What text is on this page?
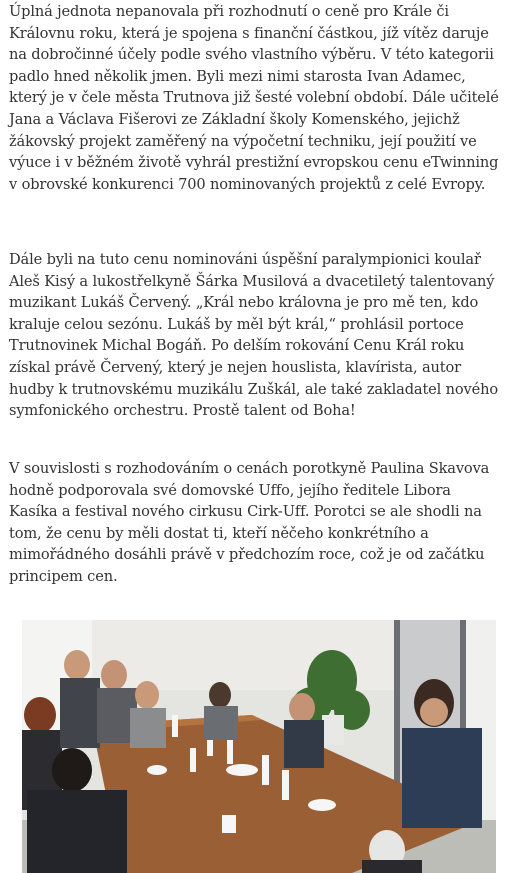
Úplná jednota nepanovala při rozhodnutí o ceně pro Krále či Královnu roku, která je spojena s finanční částkou, jíž vítěz daruje na dobročinné účely podle svého vlastního výběru. V této kategorii padlo hned několik jmen. Byli mezi nimi starosta Ivan Adamec, který je v čele města Trutnova již šesté volební období. Dále učitelé Jana a Václava Fišerovi ze Základní školy Komenského, jejichž žákovský projekt zaměřený na výpočetní techniku, její použití ve výuce i v běžném životě vyhrál prestižní evropskou cenu eTwinning v obrovské konkurenci 700 nominovaných projektů z celé Evropy.

Dále byli na tuto cenu nominováni úspěšní paralympionici koulař Aleš Kisý a lukostřelkyně Šárka Musilová a dvacetiletý talentovaný muzikant Lukáš Červený. „Král nebo královna je pro mě ten, kdo kraluje celou sezónu. Lukáš by měl být král,“ prohlásil portoce Trutnovinek Michal Bogáň. Po delším rokování Cenu Král roku získal právě Červený, který je nejen houslista, klavírista, autor hudby k trutnovskému muzikálu Zuškál, ale také zakladatel nového symfonického orchestru. Prostě talent od Boha!

V souvislosti s rozhodováním o cenách porotkyně Paulina Skavova hodně podporovala své domovské Uffo, jejího ředitele Libora Kasíka a festival nového cirkusu Cirk-Uff. Porotci se ale shodli na tom, že cenu by měli dostat ti, kteří něčeho konkrétního a mimořádného dosáhli právě v předchozím roce, což je od začátku principem cen.
